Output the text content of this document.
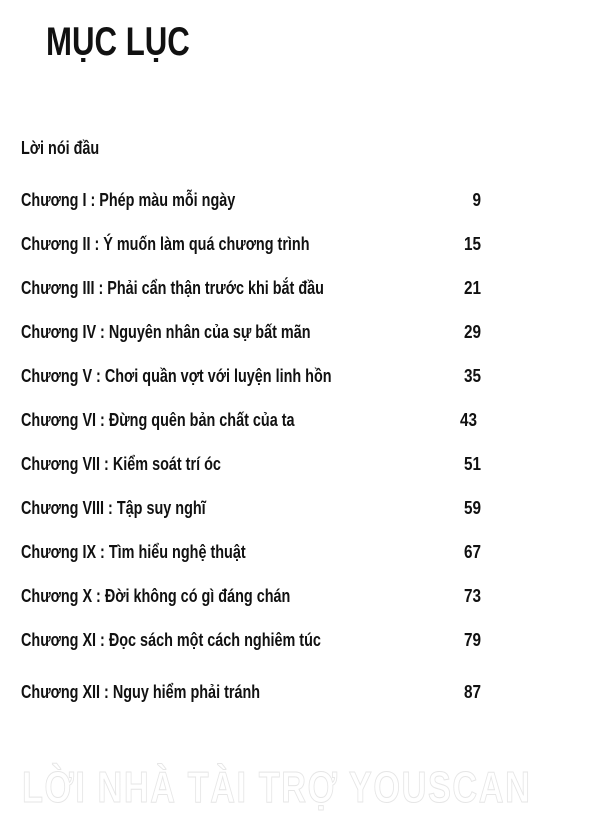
MỤC LỤC
Lời nói đầu
Chương I : Phép màu mỗi ngày	9
Chương II : Ý muốn làm quá chương trình	15
Chương III : Phải cẩn thận trước khi bắt đầu	21
Chương IV : Nguyên nhân của sự bất mãn	29
Chương V : Chơi quần vợt với luyện linh hồn	35
Chương VI : Đừng quên bản chất của ta	43
Chương VII : Kiểm soát trí óc	51
Chương VIII : Tập suy nghĩ	59
Chương IX : Tìm hiểu nghệ thuật	67
Chương X : Đời không có gì đáng chán	73
Chương XI : Đọc sách một cách nghiêm túc	79
Chương XII : Nguy hiểm phải tránh	87
LỜI NHÀ TÀI TRỢ YOUSCAN
